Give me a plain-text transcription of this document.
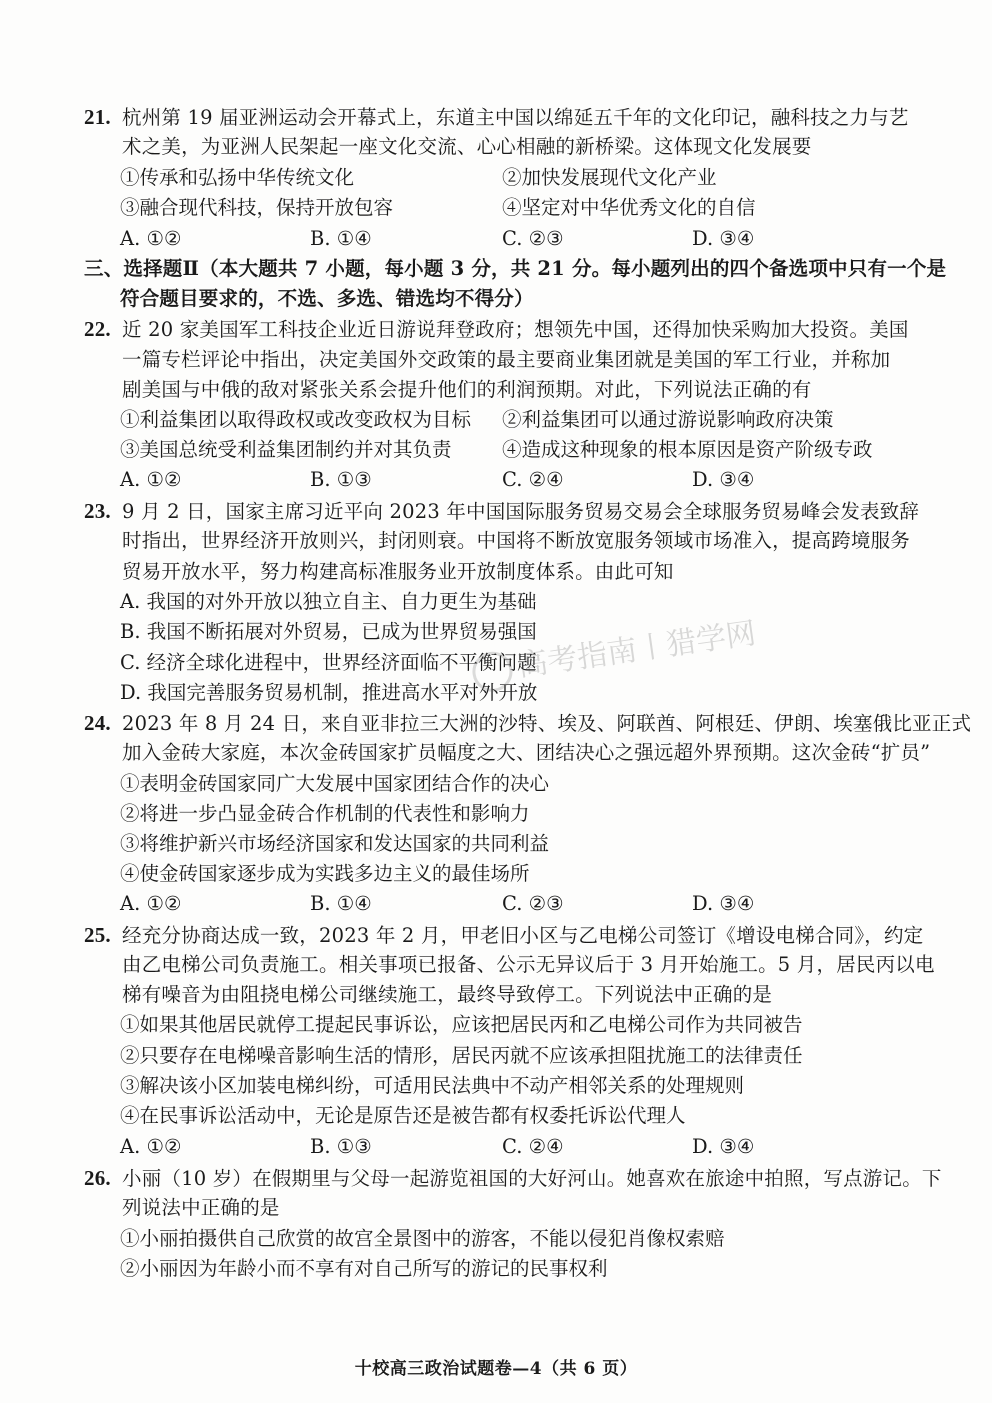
21. 杭州第 19 届亚洲运动会开幕式上，东道主中国以绵延五千年的文化印记，融科技之力与艺
术之美，为亚洲人民架起一座文化交流、心心相融的新桥梁。这体现文化发展要
①传承和弘扬中华传统文化	②加快发展现代文化产业
③融合现代科技，保持开放包容	④坚定对中华优秀文化的自信
A. ①②	B. ①④	C. ②③	D. ③④
三、选择题Ⅱ（本大题共 7 小题，每小题 3 分，共 21 分。每小题列出的四个备选项中只有一个是
符合题目要求的，不选、多选、错选均不得分）
22. 近 20 家美国军工科技企业近日游说拜登政府；想领先中国，还得加快采购加大投资。美国
一篇专栏评论中指出，决定美国外交政策的最主要商业集团就是美国的军工行业，并称加
剧美国与中俄的敌对紧张关系会提升他们的利润预期。对此，下列说法正确的有
①利益集团以取得政权或改变政权为目标 ②利益集团可以通过游说影响政府决策
③美国总统受利益集团制约并对其负责	④造成这种现象的根本原因是资产阶级专政
A. ①②	B. ①③	C. ②④	D. ③④
23. 9 月 2 日，国家主席习近平向 2023 年中国国际服务贸易交易会全球服务贸易峰会发表致辞
时指出，世界经济开放则兴，封闭则衰。中国将不断放宽服务领域市场准入，提高跨境服务
贸易开放水平，努力构建高标准服务业开放制度体系。由此可知
A. 我国的对外开放以独立自主、自力更生为基础
B. 我国不断拓展对外贸易，已成为世界贸易强国
C. 经济全球化进程中，世界经济面临不平衡问题
D. 我国完善服务贸易机制，推进高水平对外开放
24. 2023 年 8 月 24 日，来自亚非拉三大洲的沙特、埃及、阿联酋、阿根廷、伊朗、埃塞俄比亚正式
加入金砖大家庭，本次金砖国家扩员幅度之大、团结决心之强远超外界预期。这次金砖“扩员”
①表明金砖国家同广大发展中国家团结合作的决心
②将进一步凸显金砖合作机制的代表性和影响力
③将维护新兴市场经济国家和发达国家的共同利益
④使金砖国家逐步成为实践多边主义的最佳场所
A. ①②	B. ①④	C. ②③	D. ③④
25. 经充分协商达成一致，2023 年 2 月，甲老旧小区与乙电梯公司签订《增设电梯合同》，约定
由乙电梯公司负责施工。相关事项已报备、公示无异议后于 3 月开始施工。5 月，居民丙以电
梯有噪音为由阻挠电梯公司继续施工，最终导致停工。下列说法中正确的是
①如果其他居民就停工提起民事诉讼，应该把居民丙和乙电梯公司作为共同被告
②只要存在电梯噪音影响生活的情形，居民丙就不应该承担阻扰施工的法律责任
③解决该小区加装电梯纠纷，可适用民法典中不动产相邻关系的处理规则
④在民事诉讼活动中，无论是原告还是被告都有权委托诉讼代理人
A. ①②	B. ①③	C. ②④	D. ③④
26. 小丽（10 岁）在假期里与父母一起游览祖国的大好河山。她喜欢在旅途中拍照，写点游记。下
列说法中正确的是
①小丽拍摄供自己欣赏的故宫全景图中的游客，不能以侵犯肖像权索赔
②小丽因为年龄小而不享有对自己所写的游记的民事权利
高考指南丨猎学网
十校高三政治试题卷—4（共 6 页）
